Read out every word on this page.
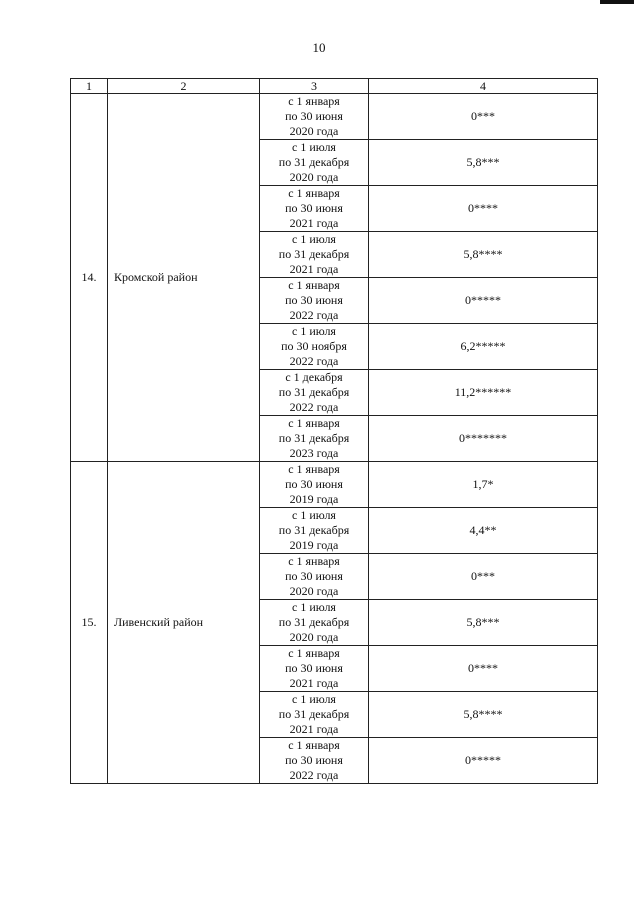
10
1	2	3	4
14.	Кромской район	с 1 января
по 30 июня
2020 года	0***

		с 1 июля
по 31 декабря
2020 года	5,8***

		с 1 января
по 30 июня
2021 года	0****

		с 1 июля
по 31 декабря
2021 года	5,8****

		с 1 января
по 30 июня
2022 года	0*****

		с 1 июля
по 30 ноября
2022 года	6,2*****

		с 1 декабря
по 31 декабря
2022 года	11,2******

		с 1 января
по 31 декабря
2023 года	0*******
15.	Ливенский район	с 1 января
по 30 июня
2019 года	1,7*

		с 1 июля
по 31 декабря
2019 года	4,4**

		с 1 января
по 30 июня
2020 года	0***

		с 1 июля
по 31 декабря
2020 года	5,8***

		с 1 января
по 30 июня
2021 года	0****

		с 1 июля
по 31 декабря
2021 года	5,8****

		с 1 января
по 30 июня
2022 года	0*****
